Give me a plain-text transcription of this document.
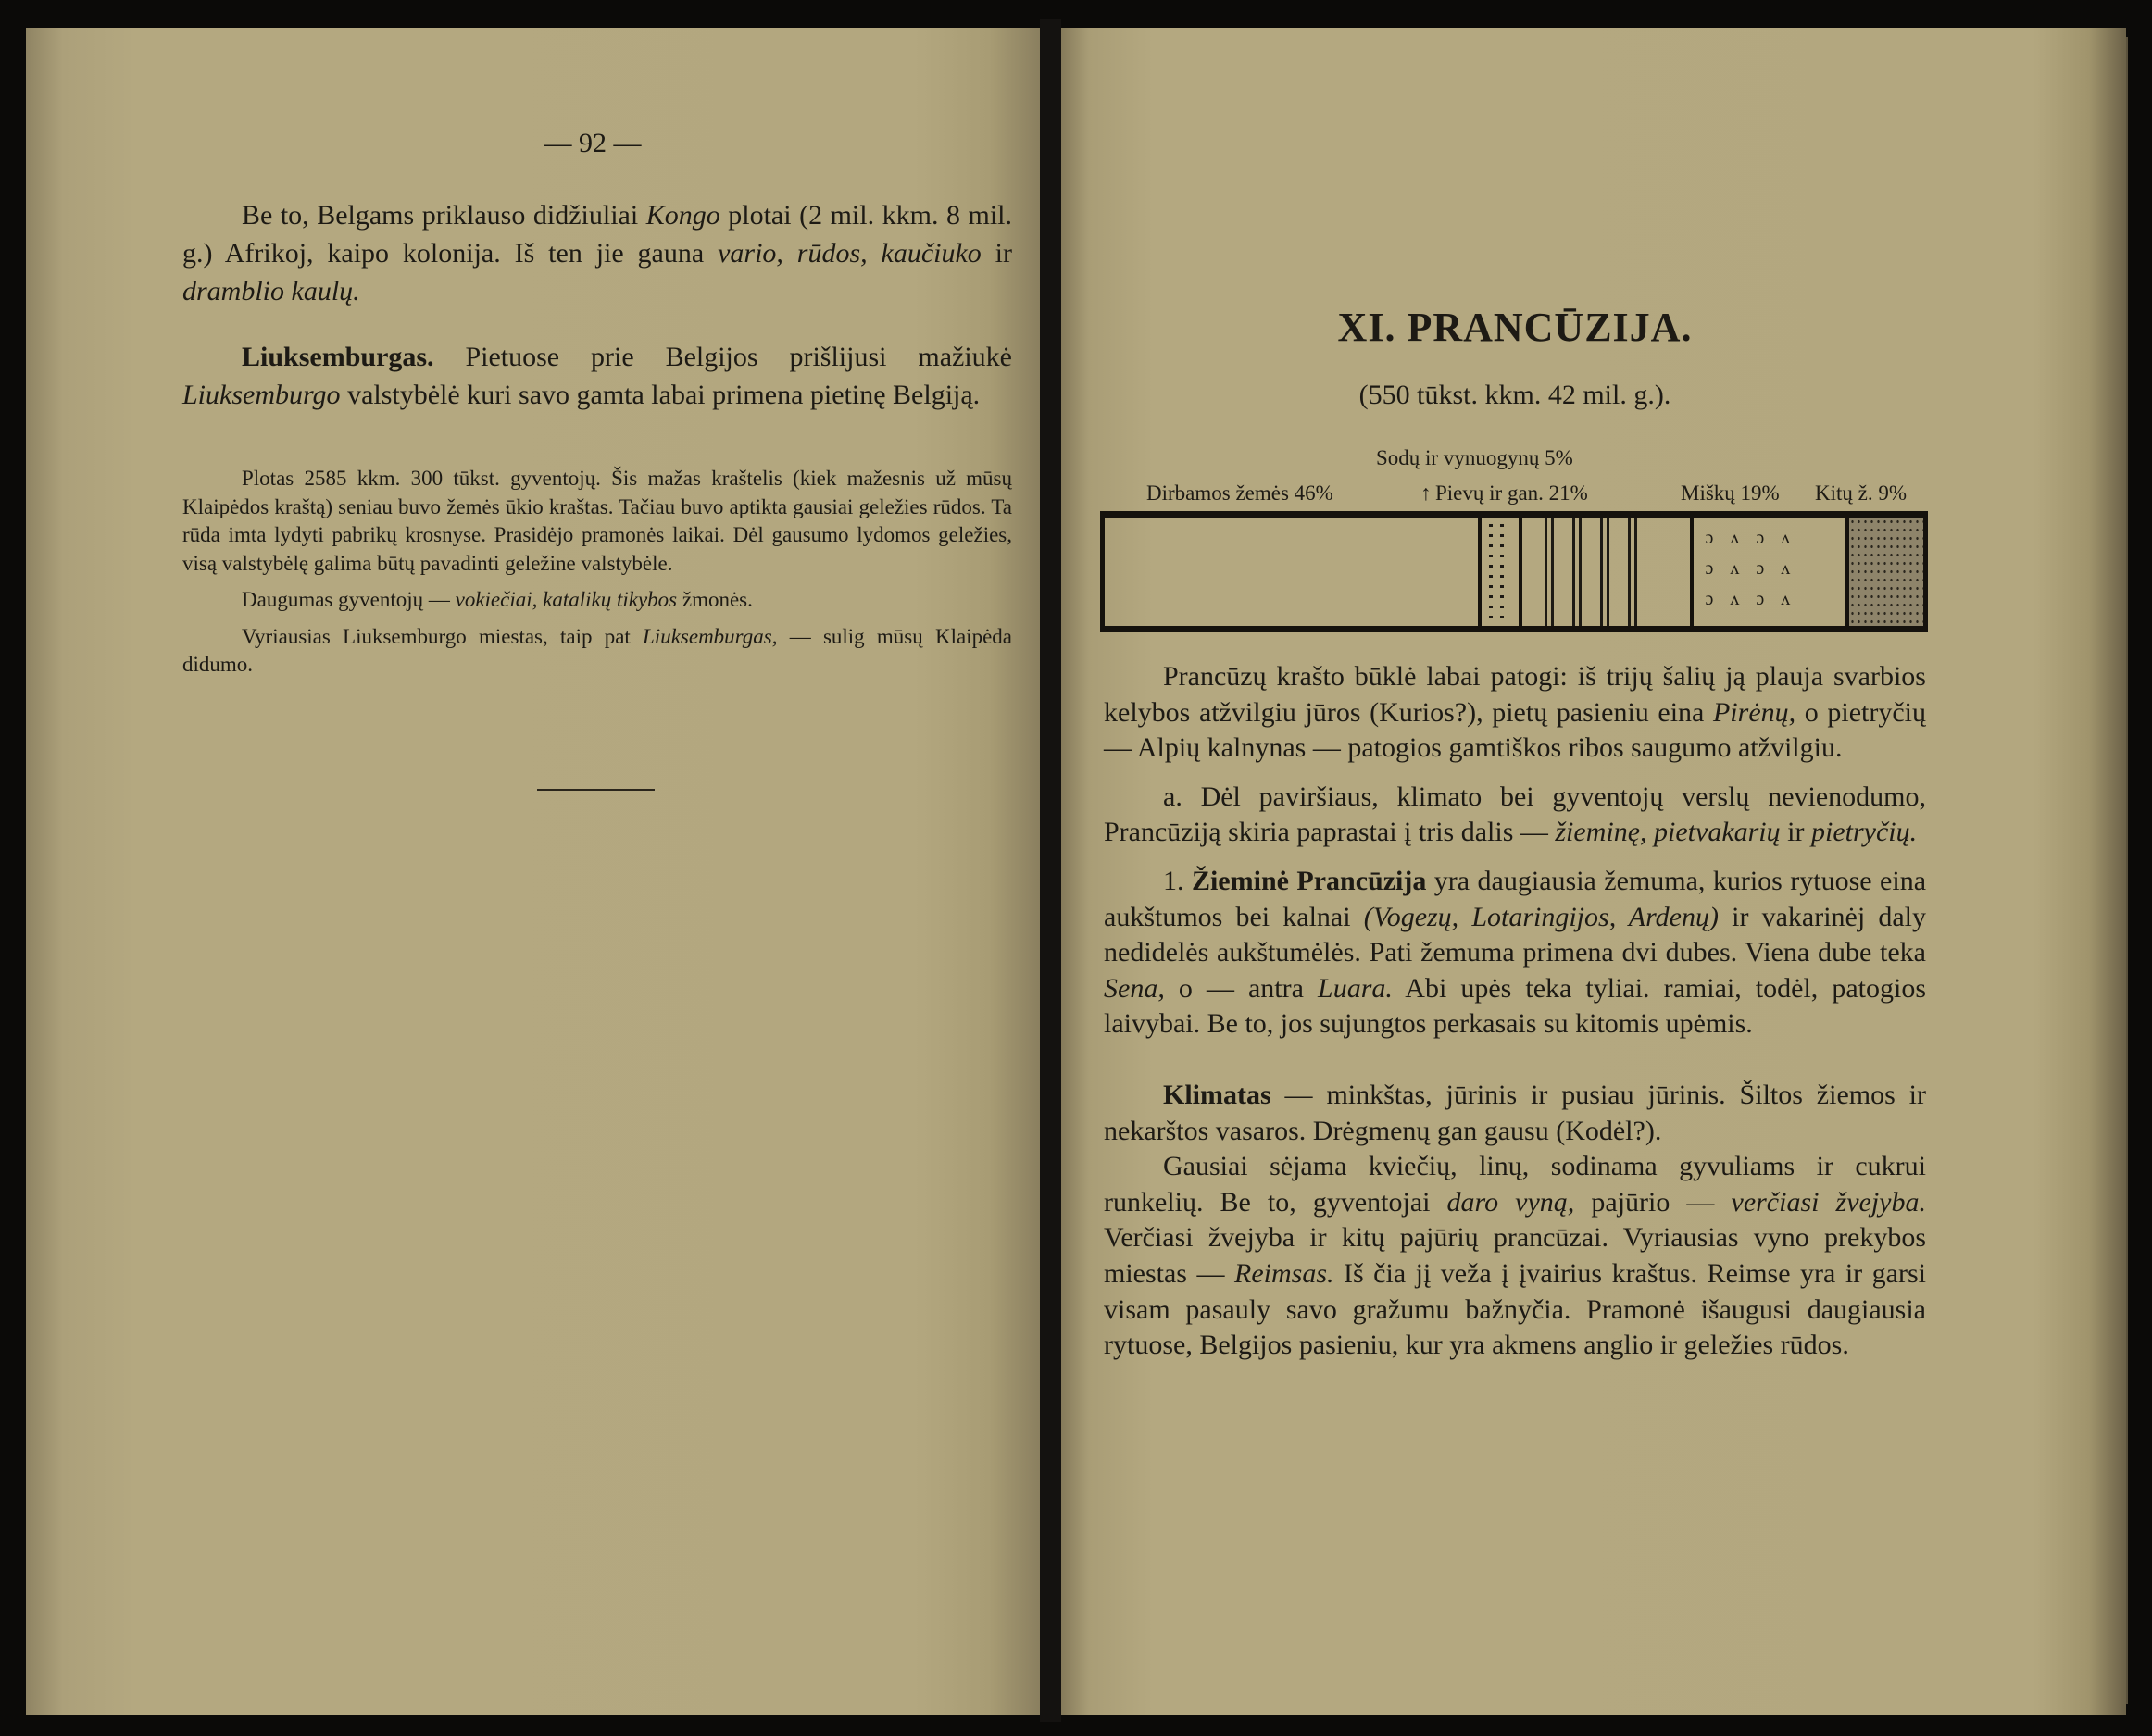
— 92 —

Be to, Belgams priklauso didžiuliai Kongo plotai (2 mil. kkm. 8 mil. g.) Afrikoj, kaipo kolonija. Iš ten jie gauna vario, rūdos, kaučiuko ir dramblio kaulų.

Liuksemburgas. Pietuose prie Belgijos prišlijusi mažiukė Liuksemburgo valstybėlė kuri savo gamta labai primena pietinę Belgiją.

Plotas 2585 kkm. 300 tūkst. gyventojų. Šis mažas kraštelis (kiek mažesnis už mūsų Klaipėdos kraštą) seniau buvo žemės ūkio kraštas. Tačiau buvo aptikta gausiai geležies rūdos. Ta rūda imta lydyti pabrikų krosnyse. Prasidėjo pramonės laikai. Dėl gausumo lydomos geležies, visą valstybėlę galima būtų pavadinti geležine valstybėle.

Daugumas gyventojų — vokiečiai, katalikų tikybos žmonės.

Vyriausias Liuksemburgo miestas, taip pat Liuksemburgas, — sulig mūsų Klaipėda didumo.

XI. PRANCŪZIJA.
(550 tūkst. kkm. 42 mil. g.).
Sodų ir vynuogynų 5%
Dirbamos žemės 46%	↑ Pievų ir gan. 21%	Miškų 19% Kitų ž. 9%
ɔʌɔʌ ɔʌɔʌ ɔʌɔʌ

Prancūzų krašto būklė labai patogi: iš trijų šalių ją plauja svarbios kelybos atžvilgiu jūros (Kurios?), pietų pasieniu eina Pirėnų, o pietryčių — Alpių kalnynas — patogios gamtiškos ribos saugumo atžvilgiu.

a. Dėl paviršiaus, klimato bei gyventojų verslų nevienodumo, Prancūziją skiria paprastai į tris dalis — žieminę, pietvakarių ir pietryčių.

1. Žieminė Prancūzija yra daugiausia žemuma, kurios rytuose eina aukštumos bei kalnai (Vogezų, Lotaringijos, Ardenų) ir vakarinėj daly nedidelės aukštumėlės. Pati žemuma primena dvi dubes. Viena dube teka Sena, o — antra Luara. Abi upės teka tyliai. ramiai, todėl, patogios laivybai. Be to, jos sujungtos perkasais su kitomis upėmis.

Klimatas — minkštas, jūrinis ir pusiau jūrinis. Šiltos žiemos ir nekarštos vasaros. Drėgmenų gan gausu (Kodėl?).

Gausiai sėjama kviečių, linų, sodinama gyvuliams ir cukrui runkelių. Be to, gyventojai daro vyną, pajūrio — verčiasi žvejyba. Verčiasi žvejyba ir kitų pajūrių prancūzai. Vyriausias vyno prekybos miestas — Reimsas. Iš čia jį veža į įvairius kraštus. Reimse yra ir garsi visam pasauly savo gražumu bažnyčia. Pramonė išaugusi daugiausia rytuose, Belgijos pasieniu, kur yra akmens anglio ir geležies rūdos.
